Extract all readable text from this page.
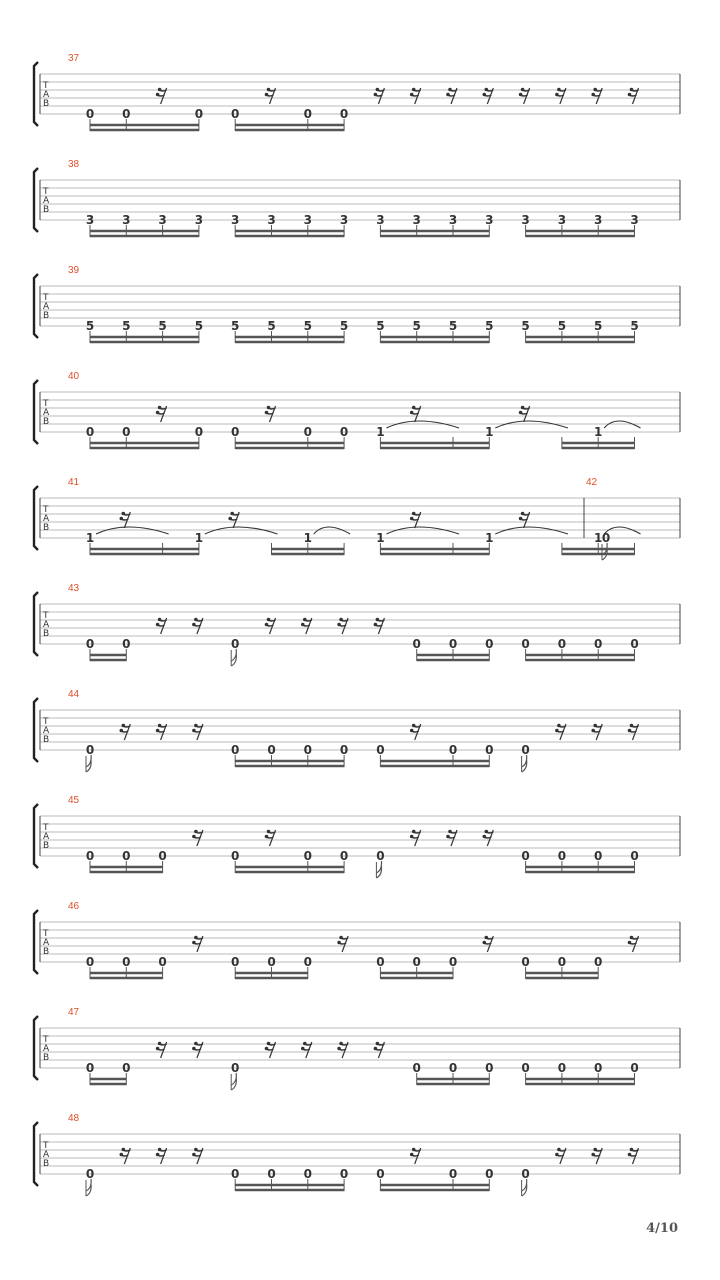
T
A
B
37
0 0	0 0	0 0
T
A
B
38
3 3 3 3 3 3 3 3 3 3 3 3 3 3 3 3
T
A
B
39
5 5 5 5 5 5 5 5 5 5 5 5 5 5 5 5
T
A
B
40
0 0	0 0	0 0 1	1	1
T
A
B
41
1	1	1	1	1	1
42
0
T
A
B
43
0 0	0	0 0 0 0 0 0 0
T
A
B
44
0	0 0 0 0 0	0 0 0
T
A
B
45
0 0 0	0	0 0 0	0 0 0 0
T
A
B
46
0 0 0	0 0 0	0 0 0	0 0 0
T
A
B
47
0 0	0	0 0 0 0 0 0 0
T
A
B
48
0	0 0 0 0 0	0 0 0
4/10
